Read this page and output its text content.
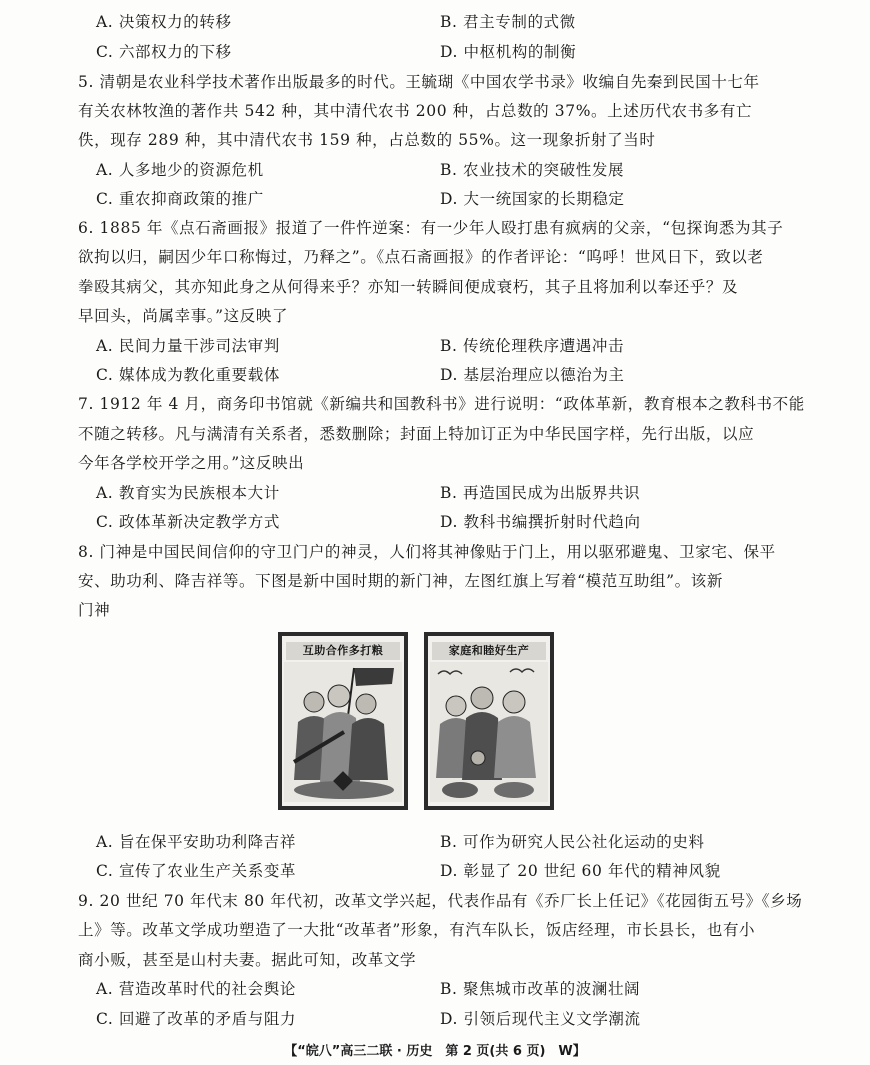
A. 决策权力的转移	B. 君主专制的式微
C. 六部权力的下移	D. 中枢机构的制衡
5. 清朝是农业科学技术著作出版最多的时代。王毓瑚《中国农学书录》收编自先秦到民国十七年
有关农林牧渔的著作共 542 种，其中清代农书 200 种，占总数的 37%。上述历代农书多有亡
佚，现存 289 种，其中清代农书 159 种，占总数的 55%。这一现象折射了当时
A. 人多地少的资源危机	B. 农业技术的突破性发展
C. 重农抑商政策的推广	D. 大一统国家的长期稳定
6. 1885 年《点石斋画报》报道了一件忤逆案：有一少年人殴打患有疯病的父亲，“包探询悉为其子
欲拘以归，嗣因少年口称悔过，乃释之”。《点石斋画报》的作者评论：“呜呼！世风日下，致以老
拳殴其病父，其亦知此身之从何得来乎？亦知一转瞬间便成衰朽，其子且将加利以奉还乎？及
早回头，尚属幸事。”这反映了
A. 民间力量干涉司法审判	B. 传统伦理秩序遭遇冲击
C. 媒体成为教化重要载体	D. 基层治理应以德治为主
7. 1912 年 4 月，商务印书馆就《新编共和国教科书》进行说明：“政体革新，教育根本之教科书不能
不随之转移。凡与满清有关系者，悉数删除；封面上特加订正为中华民国字样，先行出版，以应
今年各学校开学之用。”这反映出
A. 教育实为民族根本大计	B. 再造国民成为出版界共识
C. 政体革新决定教学方式	D. 教科书编撰折射时代趋向
8. 门神是中国民间信仰的守卫门户的神灵，人们将其神像贴于门上，用以驱邪避鬼、卫家宅、保平
安、助功利、降吉祥等。下图是新中国时期的新门神，左图红旗上写着“模范互助组”。该新
门神
互助合作多打粮	家庭和睦好生产
A. 旨在保平安助功利降吉祥	B. 可作为研究人民公社化运动的史料
C. 宣传了农业生产关系变革	D. 彰显了 20 世纪 60 年代的精神风貌
9. 20 世纪 70 年代末 80 年代初，改革文学兴起，代表作品有《乔厂长上任记》《花园街五号》《乡场
上》等。改革文学成功塑造了一大批“改革者”形象，有汽车队长，饭店经理，市长县长，也有小
商小贩，甚至是山村夫妻。据此可知，改革文学
A. 营造改革时代的社会舆论	B. 聚焦城市改革的波澜壮阔
C. 回避了改革的矛盾与阻力	D. 引领后现代主义文学潮流
【“皖八”高三二联 · 历史　第 2 页(共 6 页)　W】
